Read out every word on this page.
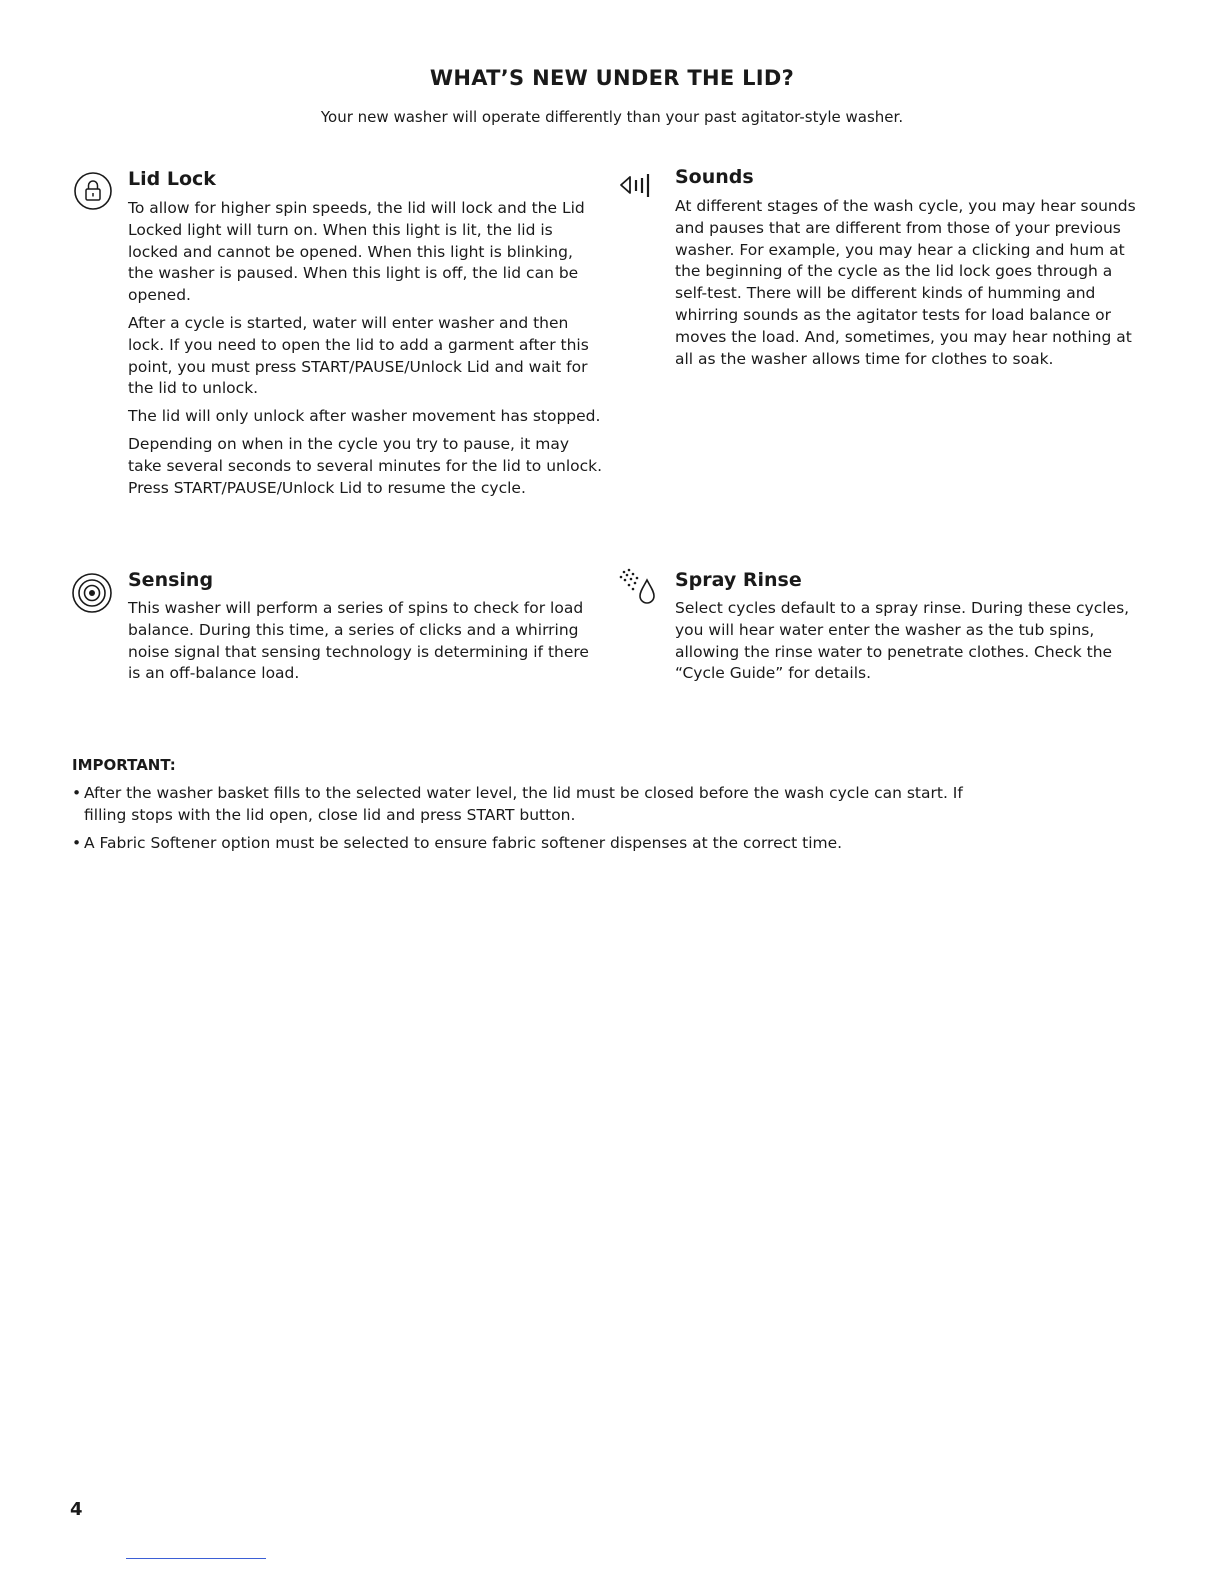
WHAT’S NEW UNDER THE LID?

Your new washer will operate differently than your past agitator-style washer.

Lid Lock

To allow for higher spin speeds, the lid will lock and the Lid Locked light will turn on. When this light is lit, the lid is locked and cannot be opened. When this light is blinking, the washer is paused. When this light is off, the lid can be opened.

After a cycle is started, water will enter washer and then lock. If you need to open the lid to add a garment after this point, you must press START/PAUSE/Unlock Lid and wait for the lid to unlock.

The lid will only unlock after washer movement has stopped.

Depending on when in the cycle you try to pause, it may take several seconds to several minutes for the lid to unlock. Press START/PAUSE/Unlock Lid to resume the cycle.

Sounds

At different stages of the wash cycle, you may hear sounds and pauses that are different from those of your previous washer. For example, you may hear a clicking and hum at the beginning of the cycle as the lid lock goes through a self-test. There will be different kinds of humming and whirring sounds as the agitator tests for load balance or moves the load. And, sometimes, you may hear nothing at all as the washer allows time for clothes to soak.

Sensing

This washer will perform a series of spins to check for load balance. During this time, a series of clicks and a whirring noise signal that sensing technology is determining if there is an off-balance load.

Spray Rinse

Select cycles default to a spray rinse. During these cycles, you will hear water enter the washer as the tub spins, allowing the rinse water to penetrate clothes. Check the “Cycle Guide” for details.

IMPORTANT:

• After the washer basket fills to the selected water level, the lid must be closed before the wash cycle can start. If filling stops with the lid open, close lid and press START button.
• A Fabric Softener option must be selected to ensure fabric softener dispenses at the correct time.

4
